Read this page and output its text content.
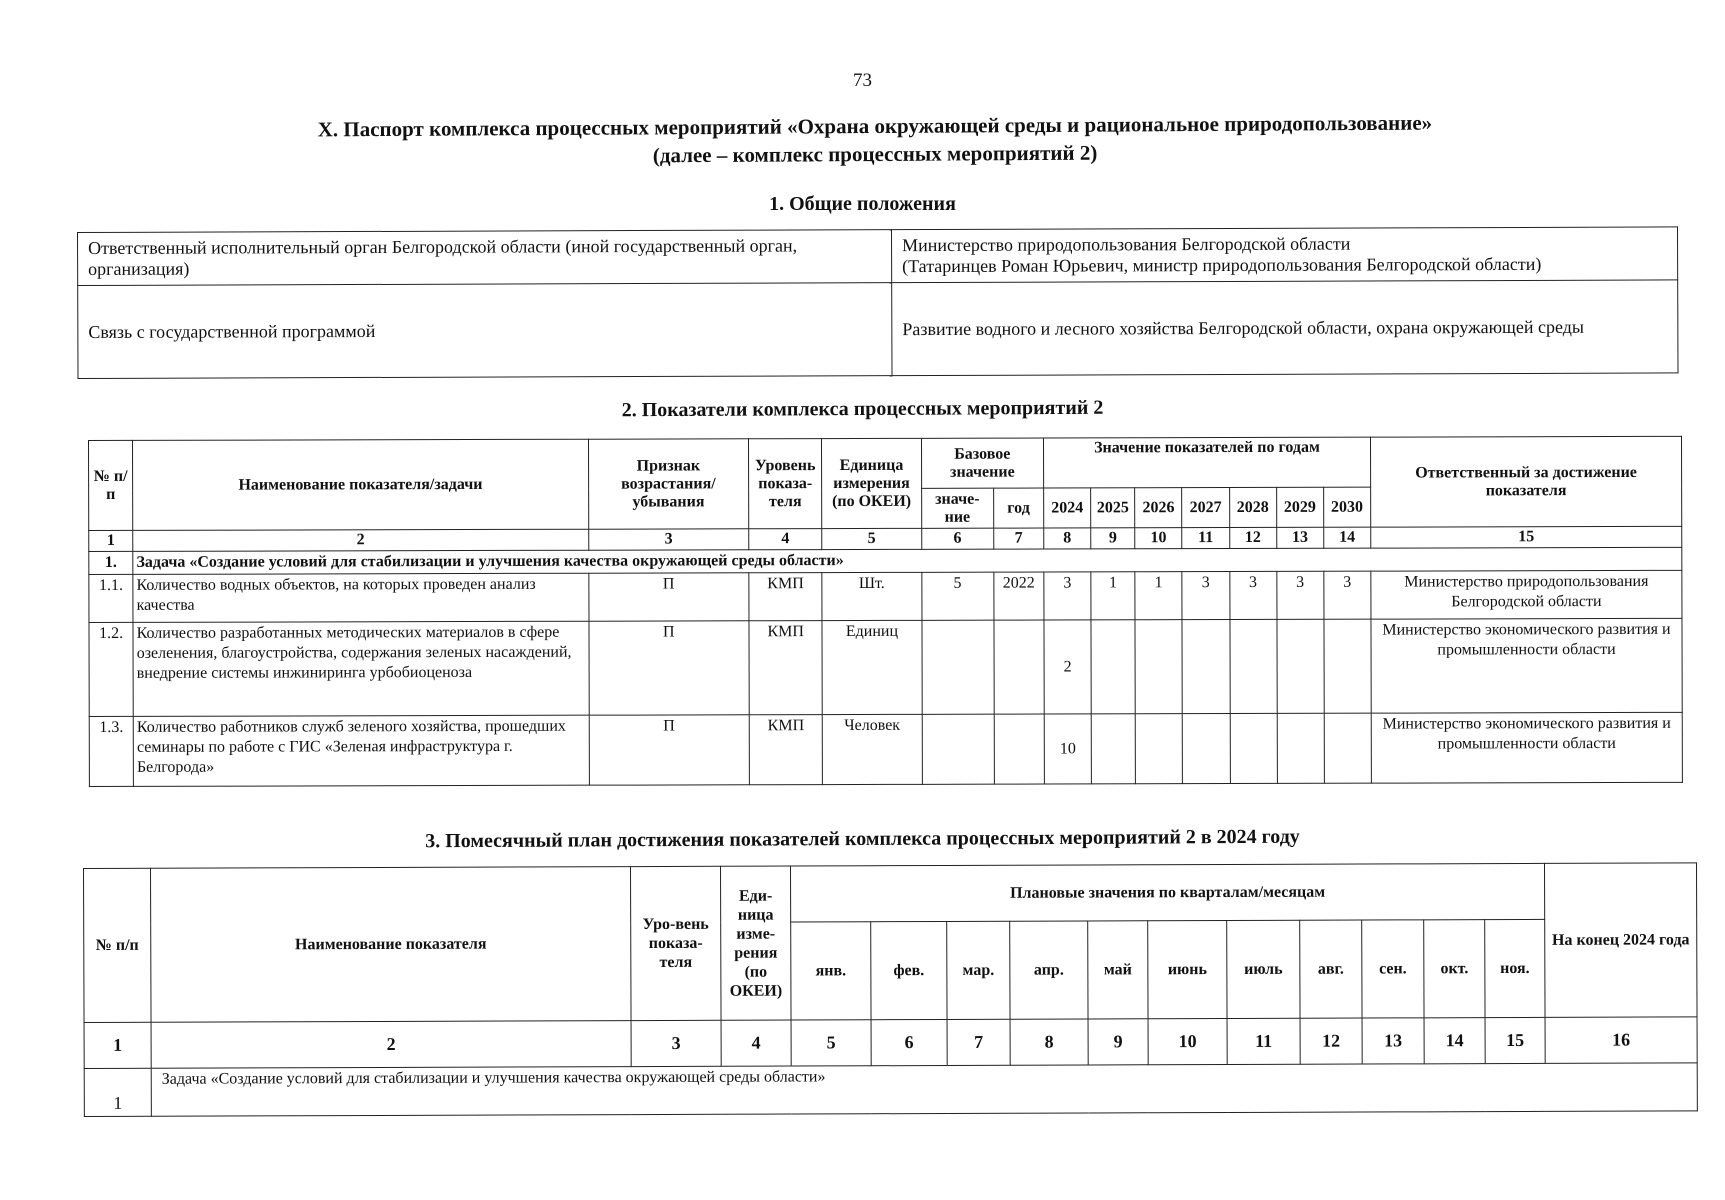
73
X. Паспорт комплекса процессных мероприятий «Охрана окружающей среды и рациональное природопользование»
(далее – комплекс процессных мероприятий 2)
1. Общие положения
Ответственный исполнительный орган Белгородской области (иной государственный орган, организация)	Министерство природопользования Белгородской области
(Татаринцев Роман Юрьевич, министр природопользования Белгородской области)

Связь с государственной программой	Развитие водного и лесного хозяйства Белгородской области, охрана окружающей среды
2. Показатели комплекса процессных мероприятий 2
№ п/п	Наименование показателя/задачи	Признак возрастания/ убывания	Уровень показа-теля	Единица измерения (по ОКЕИ)	Базовое значение		Значение показателей по годам							Ответственный за достижение показателя
					значе-ние	год	2024	2025	2026	2027	2028	2029	2030	
1	2	3	4	5	6	7	8	9	10	11	12	13	14	15
1.	Задача «Создание условий для стабилизации и улучшения качества окружающей среды области»													
1.1.	Количество водных объектов, на которых проведен анализ качества	П	КМП	Шт.	5	2022	3	1	1	3	3	3	3	Министерство природопользования Белгородской области
1.2.	Количество разработанных методических материалов в сфере озеленения, благоустройства, содержания зеленых насаждений, внедрение системы инжиниринга урбобиоценоза	П	КМП	Единиц			2							Министерство экономического развития и промышленности области
1.3.	Количество работников служб зеленого хозяйства, прошедших семинары по работе с ГИС «Зеленая инфраструктура г. Белгорода»	П	КМП	Человек			10							Министерство экономического развития и промышленности области
3. Помесячный план достижения показателей комплекса процессных мероприятий 2 в 2024 году
№ п/п	Наименование показателя	Уро-вень показа-теля	Еди-ница изме-рения (по ОКЕИ)	Плановые значения по кварталам/месяцам											На конец 2024 года
				янв.	фев.	мар.	апр.	май	июнь	июль	авг.	сен.	окт.	ноя.	
1	2	3	4	5	6	7	8	9	10	11	12	13	14	15	16
1	Задача «Создание условий для стабилизации и улучшения качества окружающей среды области»														
